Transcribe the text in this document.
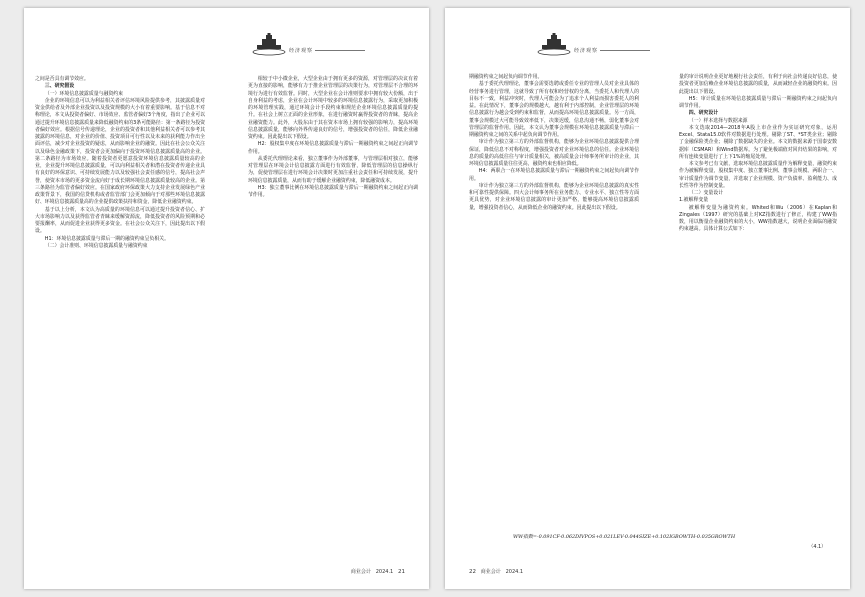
经济观察

之间是否具有调节效应。

三、研究假设

（一）环境信息披露质量与融资约束

企业的环境信息可以为利益相关者评估环境风险提供参考，其披露质量对资金供给者及外部企业投资以及投资规模的大小有着重要影响。基于信息不对称理论，本文从投资者偏好、市场效应、监管者偏好3个角度，指出了企业可以通过提升环境信息披露质量来降低融资约束的3条可能路径：第一条路径为投资者偏好效应。根据信号传递理论，企业的投资者和其他利益相关者可以参考其披露的环境信息，对企业的价值、投资项目可行性以及未来的获利能力作出全面评估，减少对企业投资的疑虑，从而影响企业的融资。因此在社会公众关注以及绿色金融政策下，投资者会更加偏向于投资环境信息披露质量高的企业。第二条路径为市场效应。随着投资者更愿意投资环境信息披露质量较高的企业，企业提升环境信息披露质量，可以向利益相关者和潜在投资者传递企业具有良好的环保意识、可持续发展能力以及较强社会责任感的信号，提高社会声誉，使资本市场的更多资金流向好于成长期环境信息披露质量较高的企业。第三条路径为监管者偏好效应。在国家政府环保政策大力支持企业发展绿色产业政策背景下，我国的信贷机构或者监管部门会更加倾向于对那些环境信息披露好、环境信息披露质量高的企业提供政策扶持和资金，降低企业融资约束。

基于以上分析，本文认为高质量的环境信息可以通过提升投资者信心、扩大市场影响力以及获得监管者青睐来缓解资源流，降低投资者的风险预期和必要报酬率，从而促进企业获得更多资金。在社会公众关注下，因此提出以下假设。

H1：环境信息披露质量与滞后一期的融资约束呈负相关。

（二）会计准则、环境信息披露质量与融资约束

相较于中小微企业，大型企业由于拥有更多的资源，对管理层的决议有着更为直接的影响，能够有力于推企业管理层的决策行为，对管理层不合理的环境行为进行有效监督。同时，大型企业在会计准则要求中拥有较大份额，出于自身利益的考虑，企业在会计环境中较多的环境信息披露行为，采取更加积极的环境管理实践，通过环境会计手段约束和规范企业环境信息披露质量的提升。在社会上树立正面的企业形象，在进行融资时赢得投资者的青睐，提高企业融资能力。此外，大股东由于其在资本市场上拥有较强的影响力，提高环境信息披露质量，能够向外界传递良好的信号，增强投资者的信任，降低企业融资约束。因此提出以下假设。

H2：股权集中度在环境信息披露质量与滞后一期融资约束之间起正向调节作用。

从委托代理理论来看，独立董事作为外部董事，与管理层相对独立，能够对管理层在环境会计信息披露方面进行有效监督，降低管理层的信息操纵行为，促使管理层在进行环境会计决策时更加注重社会责任和可持续发展，提升环境信息披露质量，从而有助于缓解企业融资约束，降低融资成本。

H3：独立董事比例在环境信息披露质量与滞后一期融资约束之间起正向调节作用。

商业会计 2024.1 21
经济观察

期融资约束之间起负向调节作用。

基于委托代理理论，董事会需要选聘或委任专业的管理人员对企业具体的经营事务进行管理，这就导致了所有权和经营权的分离，当委托人和代理人的目标不一致，利益冲突时，代理人可能会为了追求个人利益而损害委托人的利益。在此情况下，董事会的规模越大，越有利于内部控制，企业管理层的环境信息披露行为越会受到约束和监督，从而提高环境信息披露质量。另一方面，董事会规模过大可能导致效率低下，决策迟缓，信息沟通不畅，弱化董事会对管理层的监督作用。因此，本文认为董事会规模在环境信息披露质量与滞后一期融资约束之间的关系中起负向调节作用。

审计作为独立第三方的外部监督机构，能够为企业环境信息披露提供合理保证，降低信息不对称程度，增强投资者对企业环境信息的信任。企业环境信息的质量的高低往往与审计质量相关，被高质量会计师事务所审计的企业，其环境信息披露质量往往更高，融资约束也相应降低。

H4：两职合一在环境信息披露质量与滞后一期融资约束之间起负向调节作用。

审计作为独立第三方的外部监督机构，能够为企业环境信息披露的真实性和可靠性提供保障。四大会计师事务所在业务能力、专业水平、独立性等方面更具优势，对企业环境信息披露的审计更加严格，能够提高环境信息披露质量，增强投资者信心，从而降低企业的融资约束。因此提出以下假设。

量的审计说明企业更好地履行社会责任，有利于向社会传递良好信息，使投资者更加信赖企业环境信息披露的质量，从而减轻企业的融资约束。因此提出以下假设。

H5：审计质量在环境信息披露质量与滞后一期融资约束之间起负向调节作用。

四、研究设计

（一）样本选择与数据来源

本文选取2014—2018年A股上市企业作为实证研究对象，运用Excel、Stata15.0软件对数据进行处理。剔除了ST、*ST类企业；剔除了金融保险类企业；剔除了数据缺失的企业。本文的数据来源于国泰安数据库（CSMAR）和Wind数据库。为了避免极端值对回归结果的影响，对所有连续变量进行了上下1%的缩尾处理。

本文参考已有文献，选取环境信息披露质量作为解释变量，融资约束作为被解释变量，股权集中度、独立董事比例、董事会规模、两职合一、审计质量作为调节变量，并选取了企业规模、资产负债率、盈利能力、成长性等作为控制变量。

（二）变量设计

1.被解释变量

被解释变量为融资约束。Whited和Wu（2006）在Kaplan和Zingales（1997）研究的基础上对KZ指数进行了修正，构建了WW指数，用以衡量企业融资约束的大小，WW指数越大，说明企业面临的融资约束越高。具体计算公式如下：

WW指数=-0.091CF-0.062DIVPOS+0.021LEV-0.044SIZE+0.102IGBOWTH-0.035GROWTH
（4.1）
22 商业会计 2024.1
